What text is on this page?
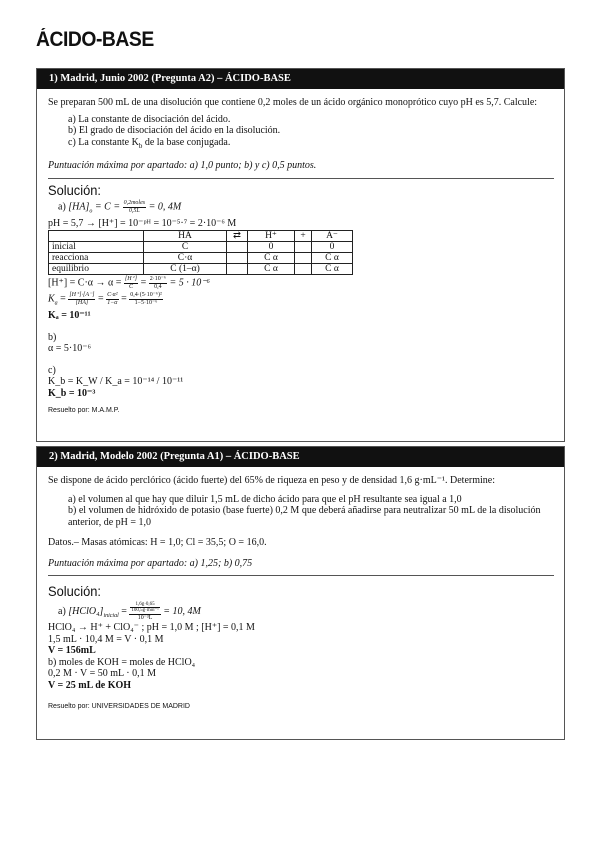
ÁCIDO-BASE
1) Madrid, Junio 2002 (Pregunta A2) – ÁCIDO-BASE
Se preparan 500 mL de una disolución que contiene 0,2 moles de un ácido orgánico monoprótico cuyo pH es 5,7. Calcule:
a) La constante de disociación del ácido.
b) El grado de disociación del ácido en la disolución.
c) La constante $K_b$ de la base conjugada.
Puntuación máxima por apartado: a) 1,0 punto; b) y c) 0,5 puntos.
Solución:
a) $[HA]_o = C = \frac{\text{0,2moles}}{0,5L} = 0$, 4M
pH = 5,7 → [H⁺] = 10⁻ᵖᴴ = 10⁻⁵·⁷ = 2·10⁻⁶ M
	HA	⇄	H⁺	+	A⁻
inicial	C		0		0
reacciona	C·α		C α		C α
equilibrio	C (1–α)		C α		C α
$[H^+] = C\cdot\alpha \to \alpha = \frac{[H^+]}{C} = \frac{\text{2·10⁻⁶}}{0,4} = 5 \cdot 10^{-6}$
$K_a = \frac{[H^+]\cdot[A^-]}{[HA]} = \frac{\text{C·α²}}{1-\alpha} = \frac{\text{0,4·(5·10⁻⁶)²}}{\text{1−5·10⁻⁶}}$
Kₐ = 10⁻¹¹
b)
α = 5·10⁻⁶
c)
K_b = K_W / K_a = 10⁻¹⁴ / 10⁻¹¹
K_b = 10⁻³
Resuelto por: M.A.M.P.
2) Madrid, Modelo 2002 (Pregunta A1) – ÁCIDO-BASE
Se dispone de ácido perclórico (ácido fuerte) del 65% de riqueza en peso y de densidad 1,6 g·mL⁻¹. Determine:
a) el volumen al que hay que diluir 1,5 mL de dicho ácido para que el pH resultante sea igual a 1,0
b) el volumen de hidróxido de potasio (base fuerte) 0,2 M que deberá añadirse para neutralizar 50 mL de la disolución anterior, de pH = 1,0
Datos.– Masas atómicas: H = 1,0; Cl = 35,5; O = 16,0.
Puntuación máxima por apartado: a) 1,25; b) 0,75
Solución:
a) $[HClO_4]_{inicial} = \frac{\frac{1,6g\cdot 0,65}{\text{100,5g·mol⁻¹}}}{\text{10⁻³L}} = 10$, 4M
HClO₄ → H⁺ + ClO₄⁻ ; pH = 1,0 M ; [H⁺] = 0,1 M
1,5 mL · 10,4 M = V · 0,1 M
V = 156mL
b) moles de KOH = moles de HClO₄
0,2 M · V = 50 mL · 0,1 M
V = 25 mL de KOH
Resuelto por: UNIVERSIDADES DE MADRID
